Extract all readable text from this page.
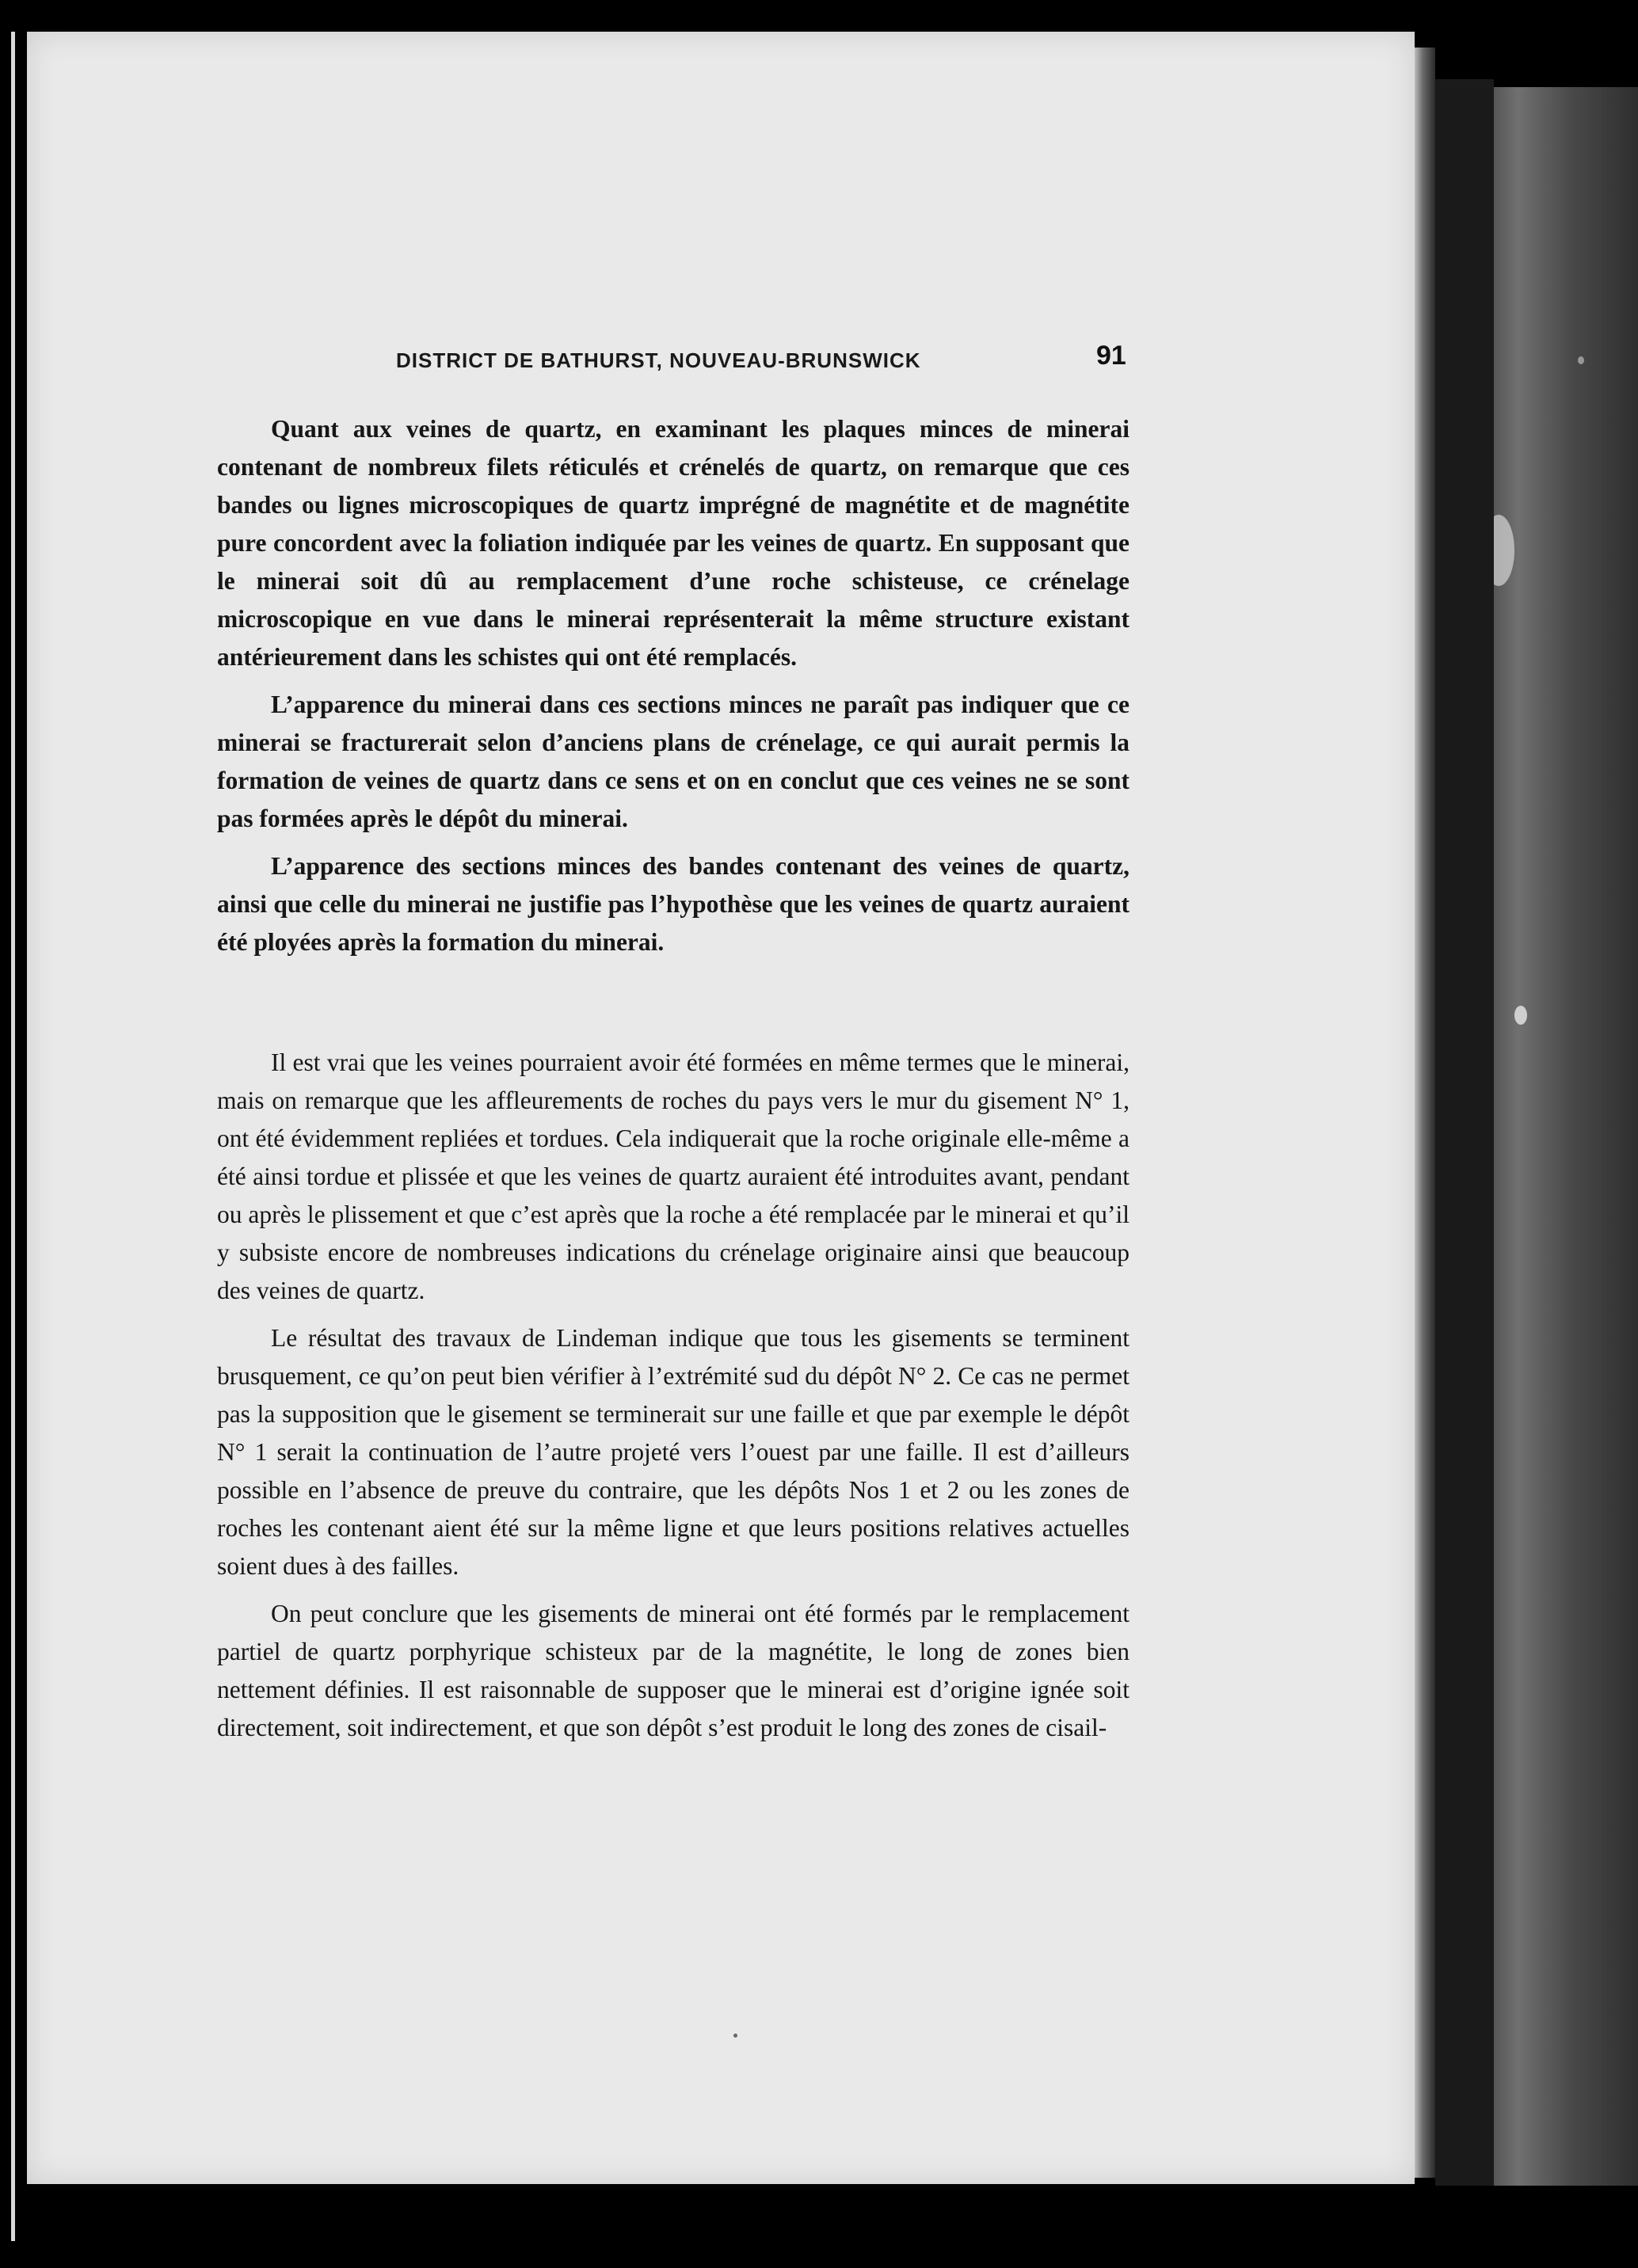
DISTRICT DE BATHURST, NOUVEAU-BRUNSWICK	91

Quant aux veines de quartz, en examinant les plaques minces de minerai contenant de nombreux filets réticulés et crénelés de quartz, on remarque que ces bandes ou lignes microscopiques de quartz imprégné de magnétite et de magnétite pure concordent avec la foliation indiquée par les veines de quartz. En supposant que le minerai soit dû au remplacement d’une roche schisteuse, ce crénelage microscopique en vue dans le minerai représenterait la même structure existant antérieurement dans les schistes qui ont été remplacés.

L’apparence du minerai dans ces sections minces ne paraît pas indiquer que ce minerai se fracturerait selon d’anciens plans de crénelage, ce qui aurait permis la formation de veines de quartz dans ce sens et on en conclut que ces veines ne se sont pas formées après le dépôt du minerai.

L’apparence des sections minces des bandes contenant des veines de quartz, ainsi que celle du minerai ne justifie pas l’hypothèse que les veines de quartz auraient été ployées après la formation du minerai.

Il est vrai que les veines pourraient avoir été formées en même termes que le minerai, mais on remarque que les affleurements de roches du pays vers le mur du gisement N° 1, ont été évidemment repliées et tordues. Cela indiquerait que la roche originale elle-même a été ainsi tordue et plissée et que les veines de quartz auraient été introduites avant, pendant ou après le plissement et que c’est après que la roche a été remplacée par le minerai et qu’il y subsiste encore de nombreuses indications du crénelage originaire ainsi que beaucoup des veines de quartz.

Le résultat des travaux de Lindeman indique que tous les gisements se terminent brusquement, ce qu’on peut bien vérifier à l’extrémité sud du dépôt N° 2. Ce cas ne permet pas la supposition que le gisement se terminerait sur une faille et que par exemple le dépôt N° 1 serait la continuation de l’autre projeté vers l’ouest par une faille. Il est d’ailleurs possible en l’absence de preuve du contraire, que les dépôts Nos 1 et 2 ou les zones de roches les contenant aient été sur la même ligne et que leurs positions relatives actuelles soient dues à des failles.

On peut conclure que les gisements de minerai ont été formés par le remplacement partiel de quartz porphyrique schisteux par de la magnétite, le long de zones bien nettement définies. Il est raisonnable de supposer que le minerai est d’origine ignée soit directement, soit indirectement, et que son dépôt s’est produit le long des zones de cisail-
